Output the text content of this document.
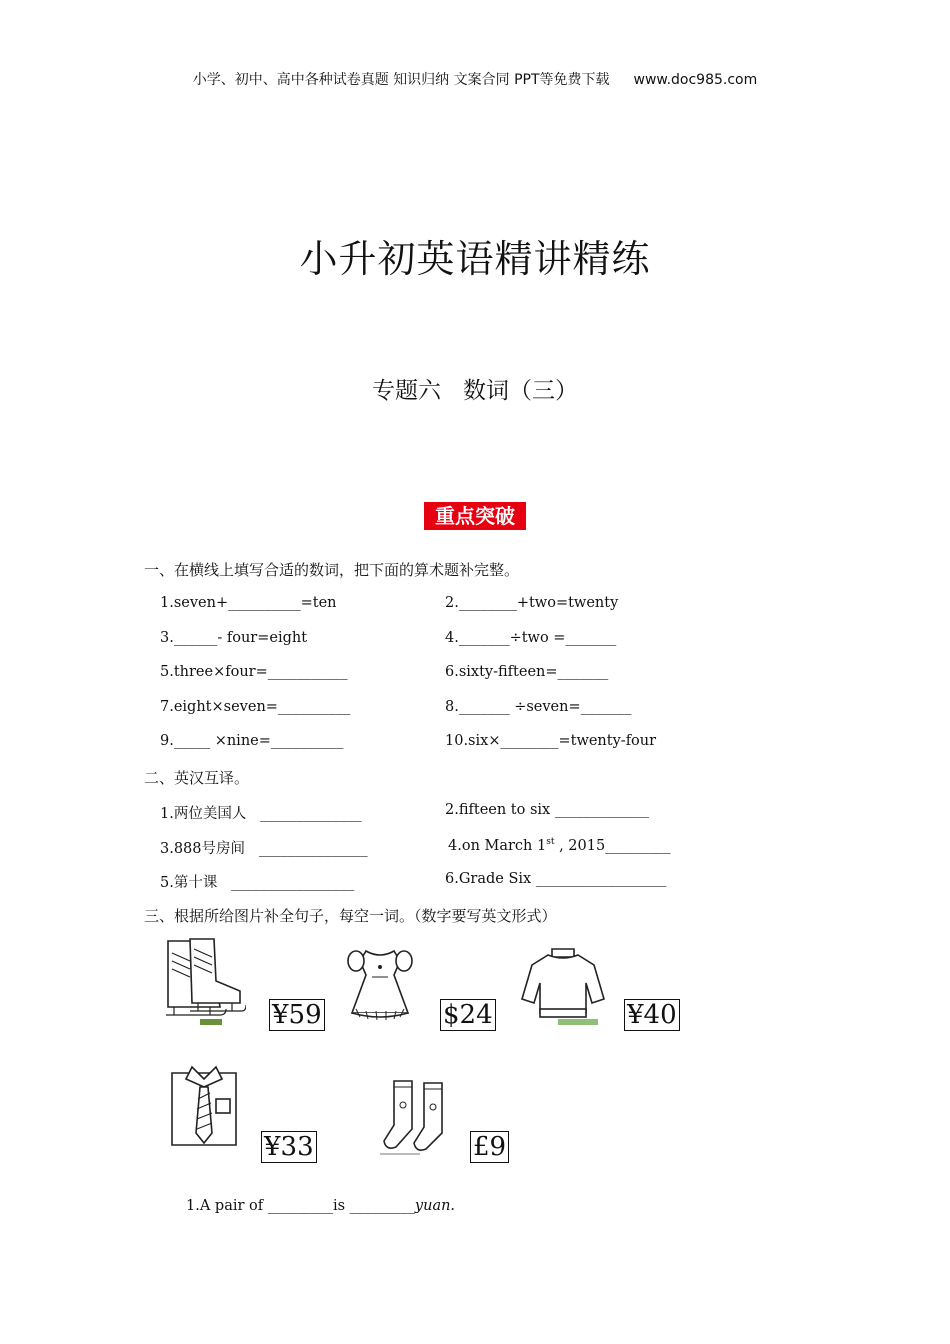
小学、初中、高中各种试卷真题 知识归纳 文案合同 PPT等免费下载 www.doc985.com
小升初英语精讲精练
专题六   数词（三）
重点突破
一、在横线上填写合适的数词，把下面的算术题补完整。
1.seven+__________=ten	2.________+two=twenty
3.______- four=eight	4._______÷two =_______
5.three×four=___________	6.sixty-fifteen=_______
7.eight×seven=__________	8._______ ÷seven=_______
9._____ ×nine=__________	10.six×________=twenty-four
二、英汉互译。
1.两位美国人   ______________	2.fifteen to six _____________
3.888号房间   _______________	4.on March 1st , 2015_________
5.第十课   _________________	6.Grade Six __________________
三、根据所给图片补全句子，每空一词。（数字要写英文形式）
¥59	$24	¥40
¥33	£9
1.A pair of _________is _________yuan.
